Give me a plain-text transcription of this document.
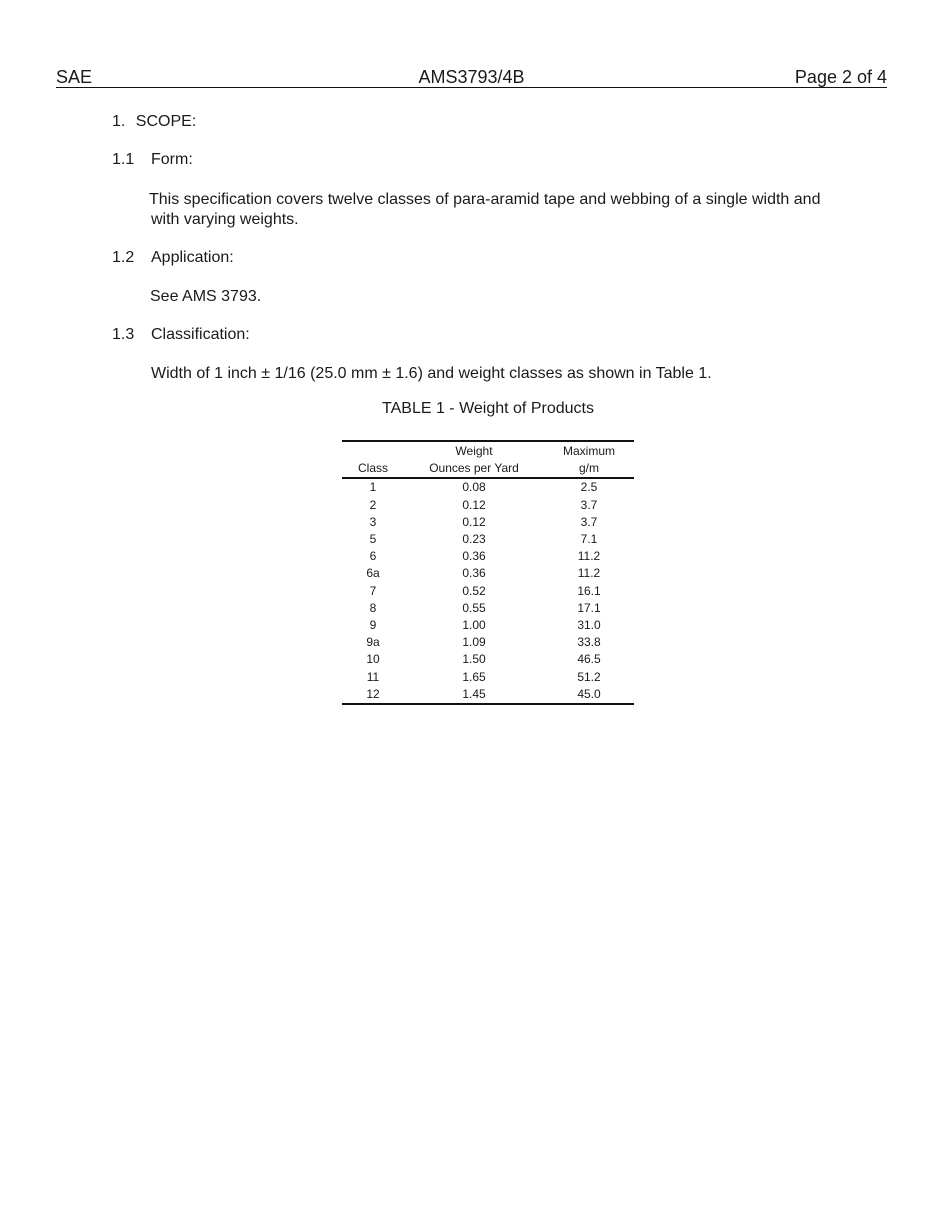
SAE	AMS3793/4B	Page 2 of 4
1. SCOPE:
1.1 Form:
This specification covers twelve classes of para-aramid tape and webbing of a single width and
with varying weights.
1.2 Application:
See AMS 3793.
1.3 Classification:
Width of 1 inch ± 1/16 (25.0 mm ± 1.6) and weight classes as shown in Table 1.
TABLE 1 - Weight of Products
	Weight	Maximum
Class	Ounces per Yard	g/m
1	0.08	2.5
2	0.12	3.7
3	0.12	3.7
5	0.23	7.1
6	0.36	11.2
6a	0.36	11.2
7	0.52	16.1
8	0.55	17.1
9	1.00	31.0
9a	1.09	33.8
10	1.50	46.5
11	1.65	51.2
12	1.45	45.0
